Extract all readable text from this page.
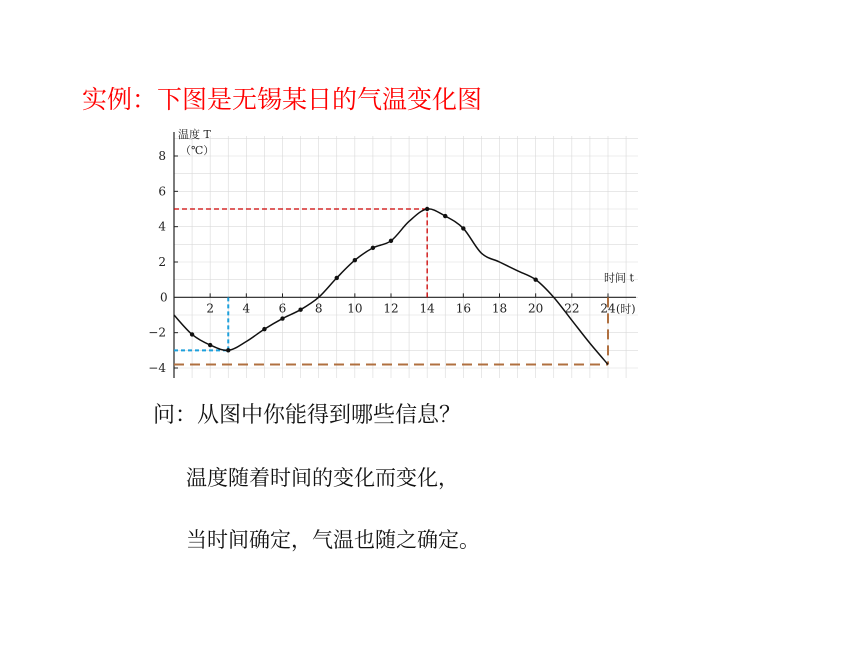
实例：下图是无锡某日的气温变化图
2 4 6 8 10 12 14 16 18 20 22 24
8
6
4
2
−2
−4
温度 T
（℃）
时间 t
(时)
0
问：从图中你能得到哪些信息？
温度随着时间的变化而变化，
当时间确定，气温也随之确定。
